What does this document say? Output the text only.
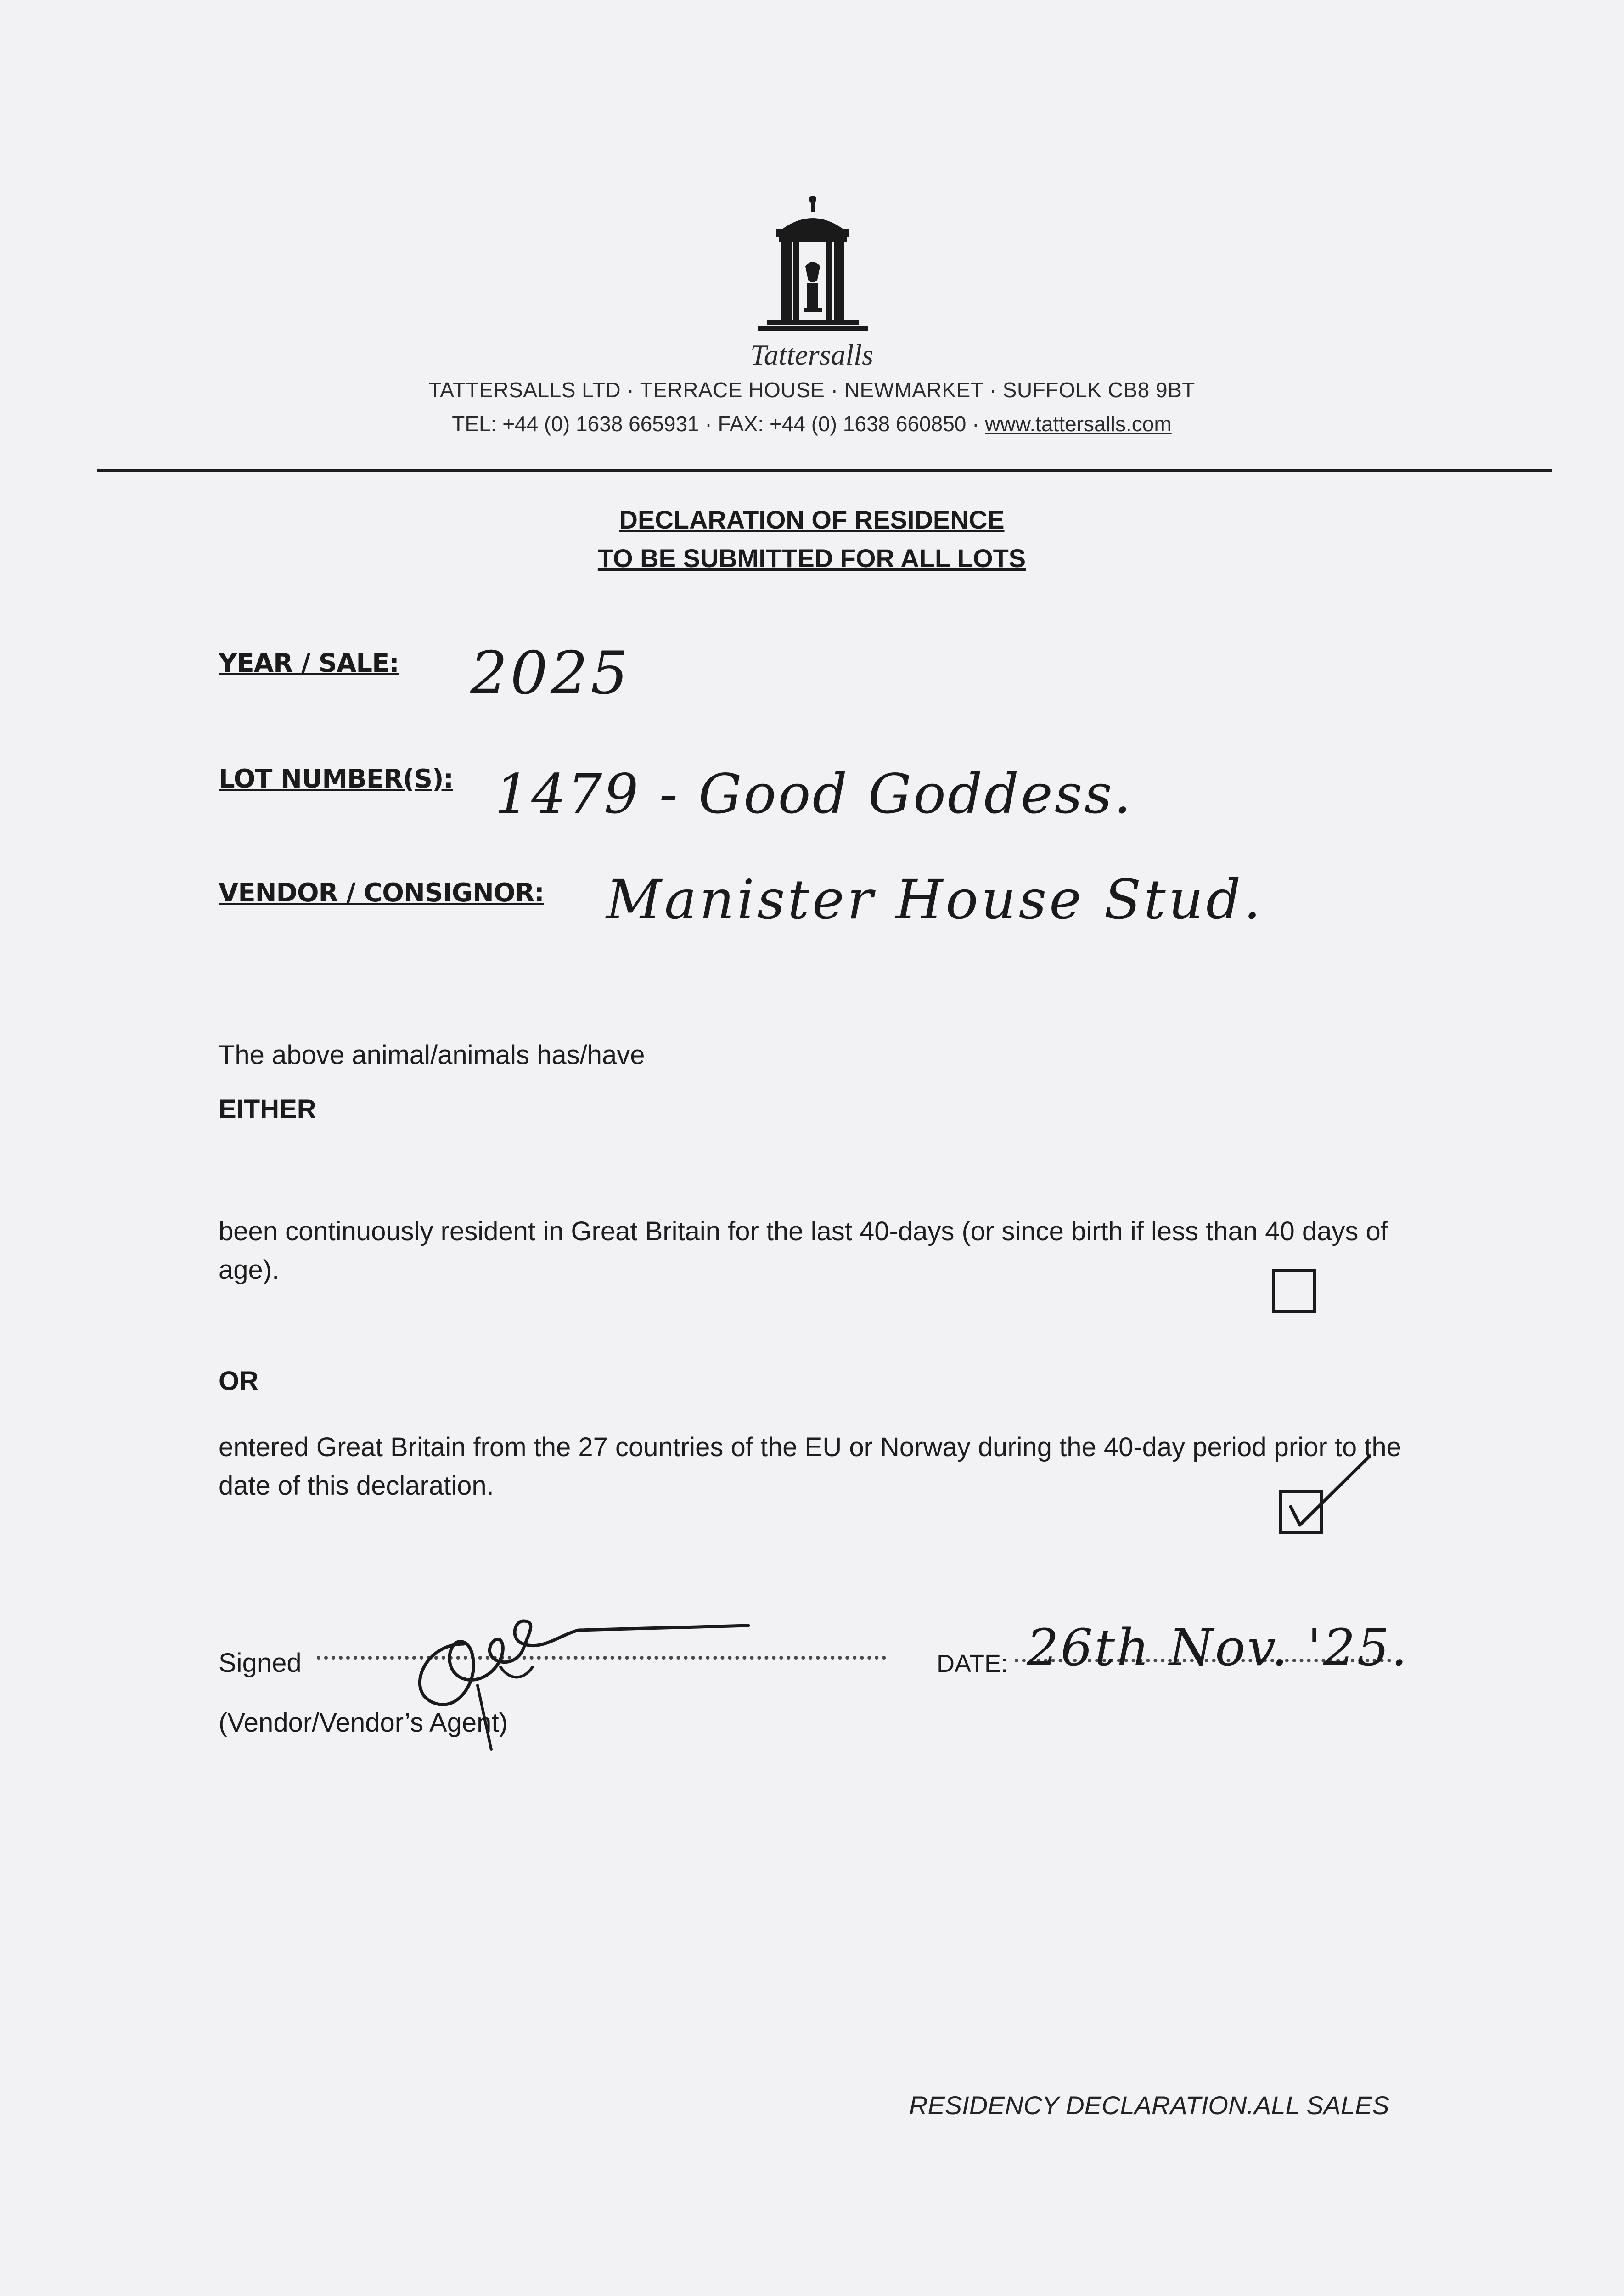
Tattersalls
TATTERSALLS LTD · TERRACE HOUSE · NEWMARKET · SUFFOLK CB8 9BT
TEL: +44 (0) 1638 665931 · FAX: +44 (0) 1638 660850 · www.tattersalls.com
DECLARATION OF RESIDENCE
TO BE SUBMITTED FOR ALL LOTS
YEAR / SALE: 2025
LOT NUMBER(S): 1479 - Good Goddess.
VENDOR / CONSIGNOR: Manister House Stud.
The above animal/animals has/have
EITHER
been continuously resident in Great Britain for the last 40-days (or since birth if less than 40 days of age).
OR
entered Great Britain from the 27 countries of the EU or Norway during the 40-day period prior to the date of this declaration.
Signed
(Vendor/Vendor’s Agent)
DATE: 26th Nov. '25.
RESIDENCY DECLARATION.ALL SALES
